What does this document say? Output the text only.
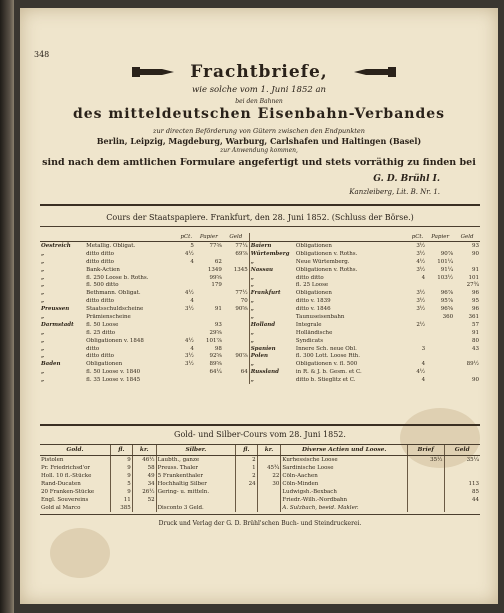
348
Frachtbriefe,
wie solche vom 1. Juni 1852 an
bei den Bahnen
des mitteldeutschen Eisenbahn-Verbandes
zur directen Beförderung von Gütern zwischen den Endpunkten
Berlin, Leipzig, Magdeburg, Warburg, Carlshafen und Haltingen (Basel)
zur Anwendung kommen,
sind nach dem amtlichen Formulare angefertigt und stets vorräthig zu finden bei
G. D. Brühl I.
Kanzleiberg, Lit. B. Nr. 1.
Cours der Staatspapiere. Frankfurt, den 28. Juni 1852. (Schluss der Börse.)
		pCt.	Papier	Geld			pCt.	Papier	Geld
Oestreich	Metallig. Obligat.	5	77⅜	77¼	Baiern	Obligationen	3½		93
„	ditto ditto	4½		69⅞	Würtemberg	Obligationen v. Roths.	3½	90⅞	90
„	ditto ditto	4	62		„	Neue Würtemberg.	4½	101¼	
„	Bank-Actien		1349	1345	Nassau	Obligationen v. Roths.	3½	91¼	91
„	fl. 250 Loose b. Roths.		99⅝		„	ditto ditto	4	103½	101
„	fl. 500 ditto		179		„	fl. 25 Loose			27¾
„	Bethmann. Obligat.	4½		77½	Frankfurt	Obligationen	3½	96⅞	96
„	ditto ditto	4		70	„	ditto v. 1839	3½	95⅞	95
Preussen	Staatsschuldscheine	3½	91	90⅝	„	ditto v. 1846	3½	96⅝	96
„	Prämienscheine				„	Taunuseisenbahn		360	361
Darmstadt	fl. 50 Loose		93		Holland	Integrale	2½		57
„	fl. 25 ditto		29⅝		„	Holländische			91
„	Obligationen v. 1848	4½	101⅞		„	Syndicats			80
„	ditto	4	98		Spanien	Innere Sch. neue Obl.	3		43
„	ditto ditto	3½	92⅝	90⅞	Polen	fl. 300 Lott. Loose Rth.			
Baden	Obligationen	3½	89⅝		„	Obligationen v. fl. 500	4		89½
„	fl. 50 Loose v. 1840		64¼	64	Russland	in R. & J. b. Gesm. et C.	4½		
„	fl. 35 Loose v. 1845				„	ditto b. Stieglitz et C.	4		90
Gold- und Silber-Cours vom 28. Juni 1852.
Gold.	fl.	kr.	Silber.	fl.	kr.	Diverse Actien und Loose.	Brief	Geld
Pistolen	9	46½	Laubth., ganze	2		Kurhessische Loose	35½	35¼
Pr. Friedrichsd'or	9	58	Preuss. Thaler	1	45¾	Sardinische Loose		
Holl. 10 fl.-Stücke	9	49	5 Frankenthaler	2	22	Cöln-Aachen		
Rand-Ducaten	5	34	Hochhaltig Silber	24	30	Cöln-Minden		113
20 Franken-Stücke	9	26½	Gering- u. mitteln.			Ludwigsh.-Bexbach		85
Engl. Souvereins	11	52				Friedr.-Wilh.-Nordbahn		44
Gold al Marco	385		Disconto 3 Geld.			A. Sulzbach, beeid. Makler.		
Druck und Verlag der G. D. Brühl'schen Buch- und Steindruckerei.
